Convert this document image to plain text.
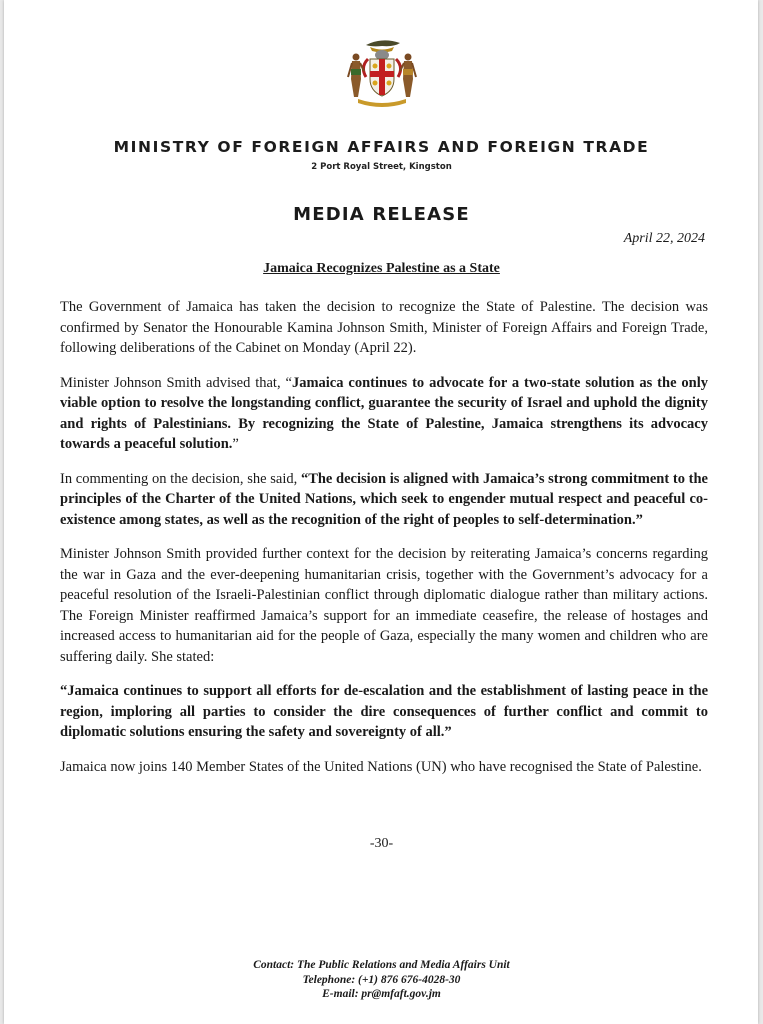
MINISTRY OF FOREIGN AFFAIRS AND FOREIGN TRADE
2 Port Royal Street, Kingston
MEDIA RELEASE
April 22, 2024
Jamaica Recognizes Palestine as a State

The Government of Jamaica has taken the decision to recognize the State of Palestine. The decision was confirmed by Senator the Honourable Kamina Johnson Smith, Minister of Foreign Affairs and Foreign Trade, following deliberations of the Cabinet on Monday (April 22).

Minister Johnson Smith advised that, “Jamaica continues to advocate for a two-state solution as the only viable option to resolve the longstanding conflict, guarantee the security of Israel and uphold the dignity and rights of Palestinians. By recognizing the State of Palestine, Jamaica strengthens its advocacy towards a peaceful solution.”

In commenting on the decision, she said, “The decision is aligned with Jamaica’s strong commitment to the principles of the Charter of the United Nations, which seek to engender mutual respect and peaceful co-existence among states, as well as the recognition of the right of peoples to self-determination.”

Minister Johnson Smith provided further context for the decision by reiterating Jamaica’s concerns regarding the war in Gaza and the ever-deepening humanitarian crisis, together with the Government’s advocacy for a peaceful resolution of the Israeli-Palestinian conflict through diplomatic dialogue rather than military actions. The Foreign Minister reaffirmed Jamaica’s support for an immediate ceasefire, the release of hostages and increased access to humanitarian aid for the people of Gaza, especially the many women and children who are suffering daily. She stated:

“Jamaica continues to support all efforts for de-escalation and the establishment of lasting peace in the region, imploring all parties to consider the dire consequences of further conflict and commit to diplomatic solutions ensuring the safety and sovereignty of all.”

Jamaica now joins 140 Member States of the United Nations (UN) who have recognised the State of Palestine.

-30-
Contact: The Public Relations and Media Affairs Unit
Telephone: (+1) 876 676-4028-30
E-mail: pr@mfaft.gov.jm
